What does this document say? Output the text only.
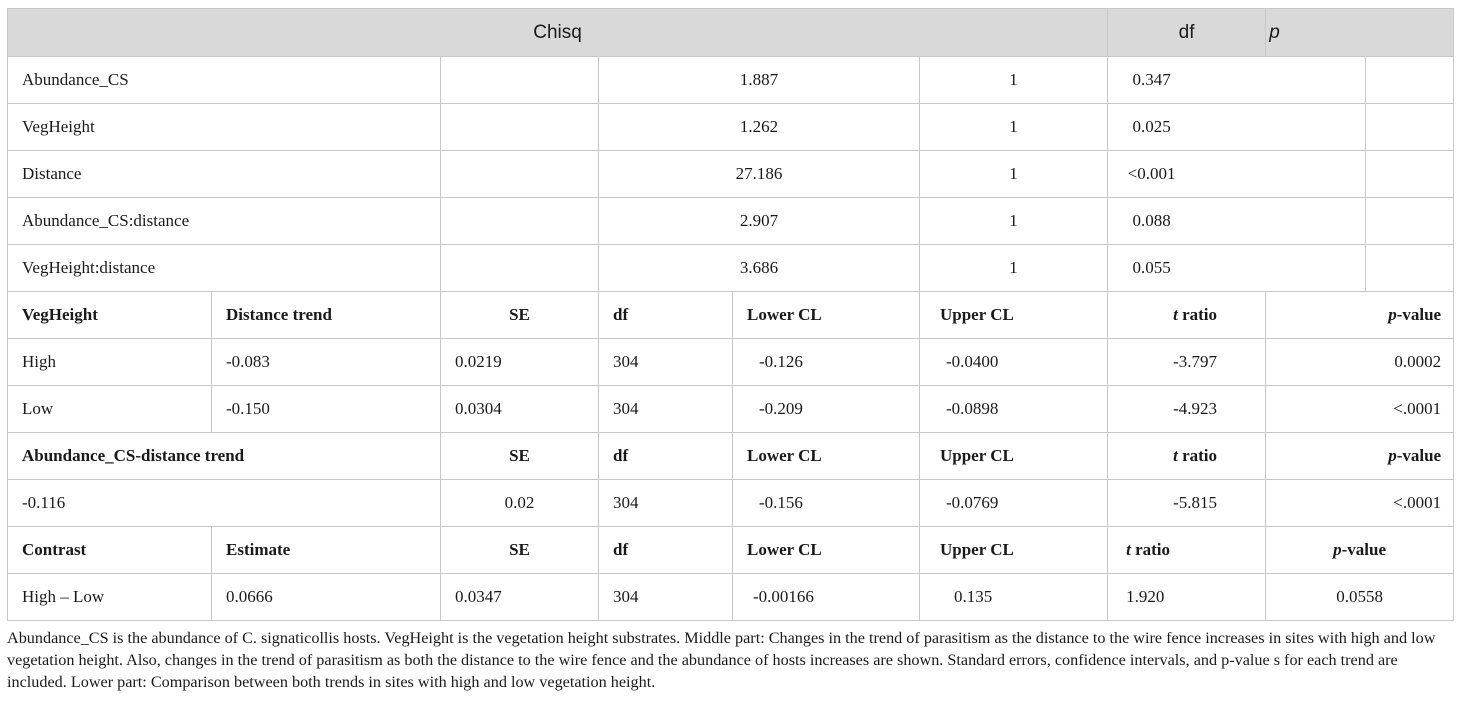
Chisq						df	p	
Abundance_CS			1.887		1	0.347		
VegHeight			1.262		1	0.025		
Distance			27.186		1	<0.001		
Abundance_CS:distance			2.907		1	0.088		
VegHeight:distance			3.686		1	0.055		
VegHeight	Distance trend	SE	df	Lower CL	Upper CL	t ratio	p-value	
High	-0.083	0.0219	304	-0.126	-0.0400	-3.797	0.0002	
Low	-0.150	0.0304	304	-0.209	-0.0898	-4.923	<.0001	
Abundance_CS-distance trend		SE	df	Lower CL	Upper CL	t ratio	p-value	
-0.116		0.02	304	-0.156	-0.0769	-5.815	<.0001	
Contrast	Estimate	SE	df	Lower CL	Upper CL	t ratio	p-value	
High – Low	0.0666	0.0347	304	-0.00166	0.135	1.920	0.0558	
Abundance_CS is the abundance of C. signaticollis hosts. VegHeight is the vegetation height substrates. Middle part: Changes in the trend of parasitism as the distance to the wire fence increases in sites with high and low vegetation height. Also, changes in the trend of parasitism as both the distance to the wire fence and the abundance of hosts increases are shown. Standard errors, confidence intervals, and p-value s for each trend are included. Lower part: Comparison between both trends in sites with high and low vegetation height.
